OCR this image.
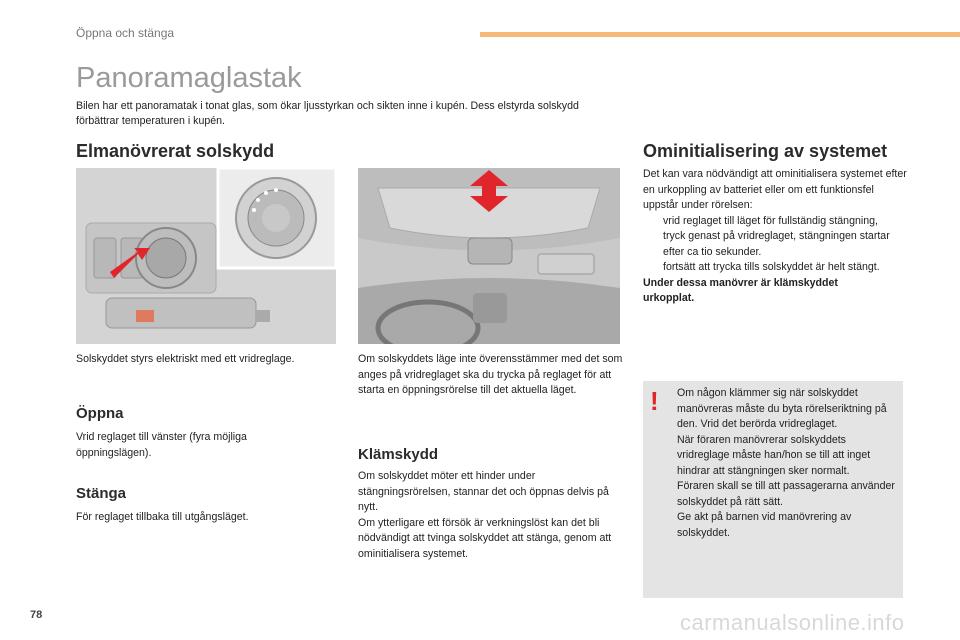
Öppna och stänga
Panoramaglastak
Bilen har ett panoramatak i tonat glas, som ökar ljusstyrkan och sikten inne i kupén. Dess elstyrda solskydd förbättrar temperaturen i kupén.
Elmanövrerat solskydd
Solskyddet styrs elektriskt med ett vridreglage.
Öppna
Vrid reglaget till vänster (fyra möjliga öppningslägen).
Stänga
För reglaget tillbaka till utgångsläget.
Om solskyddets läge inte överensstämmer med det som anges på vridreglaget ska du trycka på reglaget för att starta en öppningsrörelse till det aktuella läget.
Klämskydd
Om solskyddet möter ett hinder under stängningsrörelsen, stannar det och öppnas delvis på nytt.
Om ytterligare ett försök är verkningslöst kan det bli nödvändigt att tvinga solskyddet att stänga, genom att ominitialisera systemet.
Ominitialisering av systemet
Det kan vara nödvändigt att ominitialisera systemet efter en urkoppling av batteriet eller om ett funktionsfel uppstår under rörelsen:
vrid reglaget till läget för fullständig stängning,
tryck genast på vridreglaget, stängningen startar efter ca tio sekunder.
fortsätt att trycka tills solskyddet är helt stängt.
Under dessa manövrer är klämskyddet urkopplat.
! Om någon klämmer sig när solskyddet manövreras måste du byta rörelseriktning på den. Vrid det berörda vridreglaget.
När föraren manövrerar solskyddets vridreglage måste han/hon se till att inget hindrar att stängningen sker normalt.
Föraren skall se till att passagerarna använder solskyddet på rätt sätt.
Ge akt på barnen vid manövrering av solskyddet.
78	carmanualsonline.info
